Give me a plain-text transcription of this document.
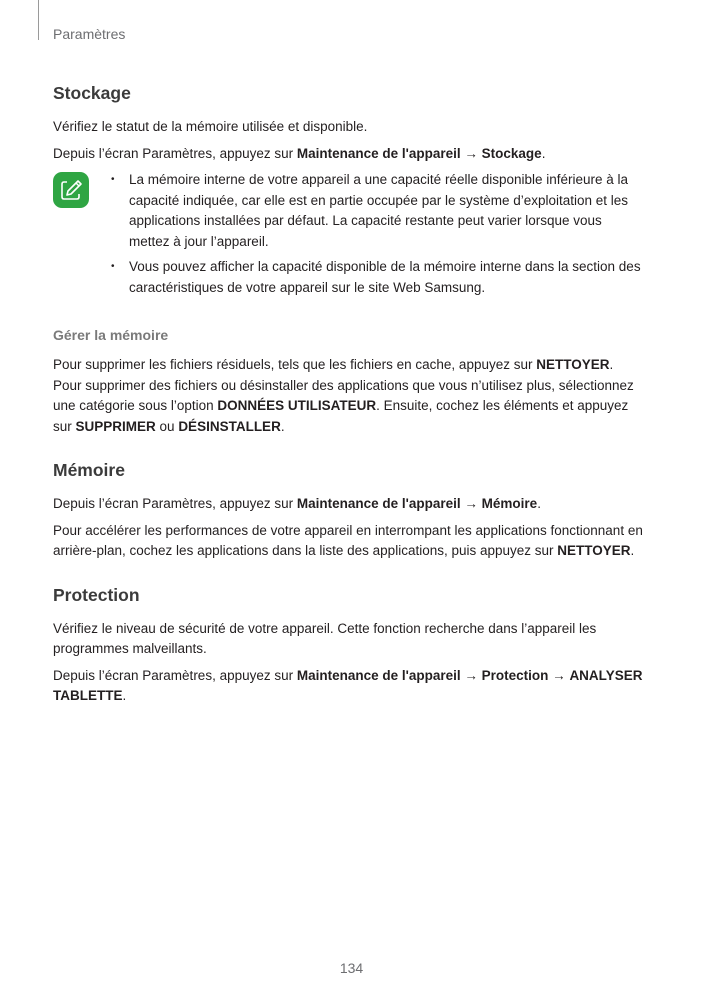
Paramètres
Stockage

Vérifiez le statut de la mémoire utilisée et disponible.

Depuis l’écran Paramètres, appuyez sur Maintenance de l'appareil → Stockage.

• La mémoire interne de votre appareil a une capacité réelle disponible inférieure à la capacité indiquée, car elle est en partie occupée par le système d’exploitation et les applications installées par défaut. La capacité restante peut varier lorsque vous mettez à jour l’appareil.
• Vous pouvez afficher la capacité disponible de la mémoire interne dans la section des caractéristiques de votre appareil sur le site Web Samsung.
Gérer la mémoire

Pour supprimer les fichiers résiduels, tels que les fichiers en cache, appuyez sur NETTOYER. Pour supprimer des fichiers ou désinstaller des applications que vous n’utilisez plus, sélectionnez une catégorie sous l’option DONNÉES UTILISATEUR. Ensuite, cochez les éléments et appuyez sur SUPPRIMER ou DÉSINSTALLER.

Mémoire

Depuis l’écran Paramètres, appuyez sur Maintenance de l'appareil → Mémoire.

Pour accélérer les performances de votre appareil en interrompant les applications fonctionnant en arrière-plan, cochez les applications dans la liste des applications, puis appuyez sur NETTOYER.

Protection

Vérifiez le niveau de sécurité de votre appareil. Cette fonction recherche dans l’appareil les programmes malveillants.

Depuis l’écran Paramètres, appuyez sur Maintenance de l'appareil → Protection → ANALYSER TABLETTE.

134
